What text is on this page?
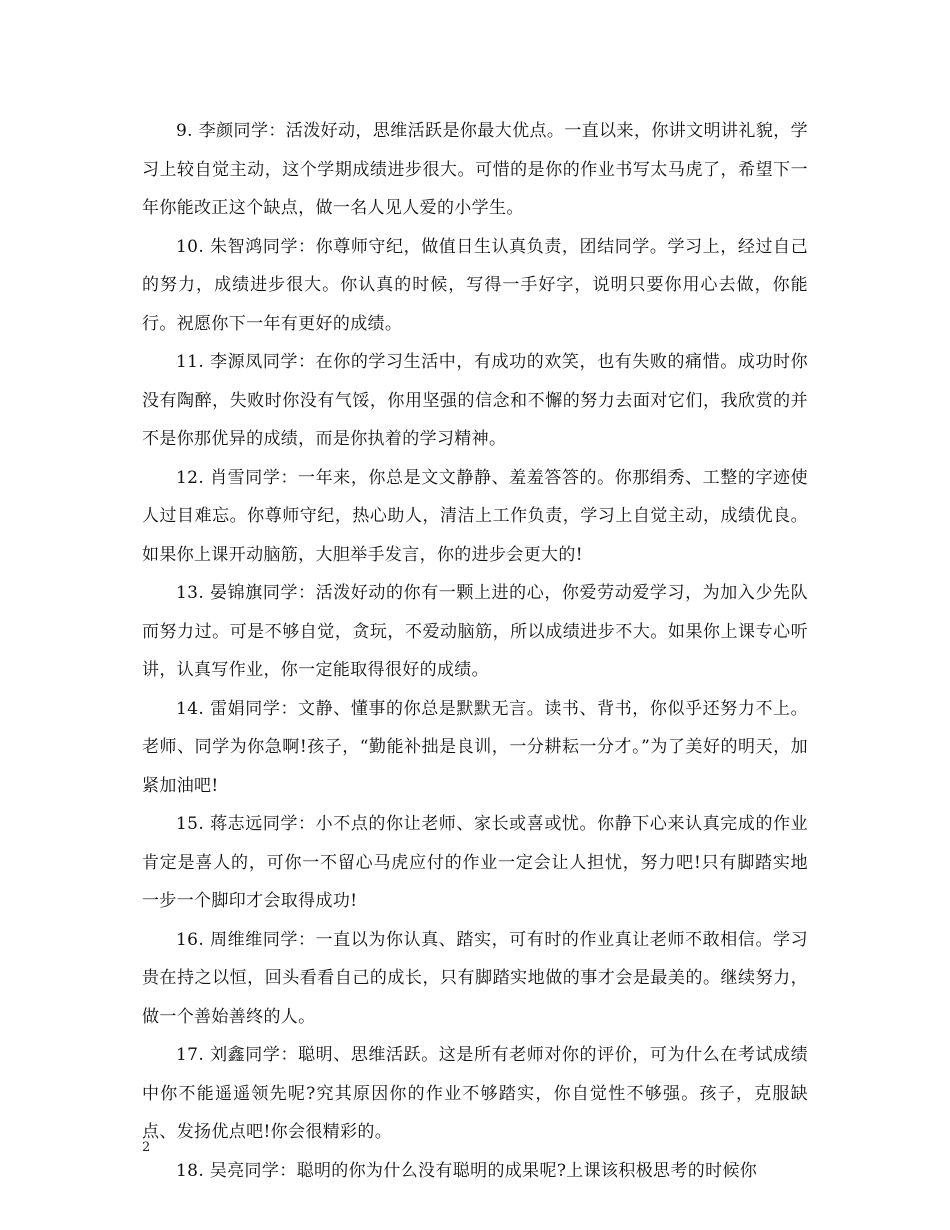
9. 李颜同学：活泼好动，思维活跃是你最大优点。一直以来，你讲文明讲礼貌，学习上较自觉主动，这个学期成绩进步很大。可惜的是你的作业书写太马虎了，希望下一年你能改正这个缺点，做一名人见人爱的小学生。

10. 朱智鸿同学：你尊师守纪，做值日生认真负责，团结同学。学习上，经过自己的努力，成绩进步很大。你认真的时候，写得一手好字，说明只要你用心去做，你能行。祝愿你下一年有更好的成绩。

11. 李源凤同学：在你的学习生活中，有成功的欢笑，也有失败的痛惜。成功时你没有陶醉，失败时你没有气馁，你用坚强的信念和不懈的努力去面对它们，我欣赏的并不是你那优异的成绩，而是你执着的学习精神。

12. 肖雪同学：一年来，你总是文文静静、羞羞答答的。你那绢秀、工整的字迹使人过目难忘。你尊师守纪，热心助人，清洁上工作负责，学习上自觉主动，成绩优良。如果你上课开动脑筋，大胆举手发言，你的进步会更大的!

13. 晏锦旗同学：活泼好动的你有一颗上进的心，你爱劳动爱学习，为加入少先队而努力过。可是不够自觉，贪玩，不爱动脑筋，所以成绩进步不大。如果你上课专心听讲，认真写作业，你一定能取得很好的成绩。

14. 雷娟同学：文静、懂事的你总是默默无言。读书、背书，你似乎还努力不上。老师、同学为你急啊!孩子，“勤能补拙是良训，一分耕耘一分才。”为了美好的明天，加紧加油吧!

15. 蒋志远同学：小不点的你让老师、家长或喜或忧。你静下心来认真完成的作业肯定是喜人的，可你一不留心马虎应付的作业一定会让人担忧，努力吧!只有脚踏实地一步一个脚印才会取得成功!

16. 周维维同学：一直以为你认真、踏实，可有时的作业真让老师不敢相信。学习贵在持之以恒，回头看看自己的成长，只有脚踏实地做的事才会是最美的。继续努力，做一个善始善终的人。

17. 刘鑫同学：聪明、思维活跃。这是所有老师对你的评价，可为什么在考试成绩中你不能遥遥领先呢?究其原因你的作业不够踏实，你自觉性不够强。孩子，克服缺点、发扬优点吧!你会很精彩的。

18. 吴亮同学：聪明的你为什么没有聪明的成果呢?上课该积极思考的时候你

2
